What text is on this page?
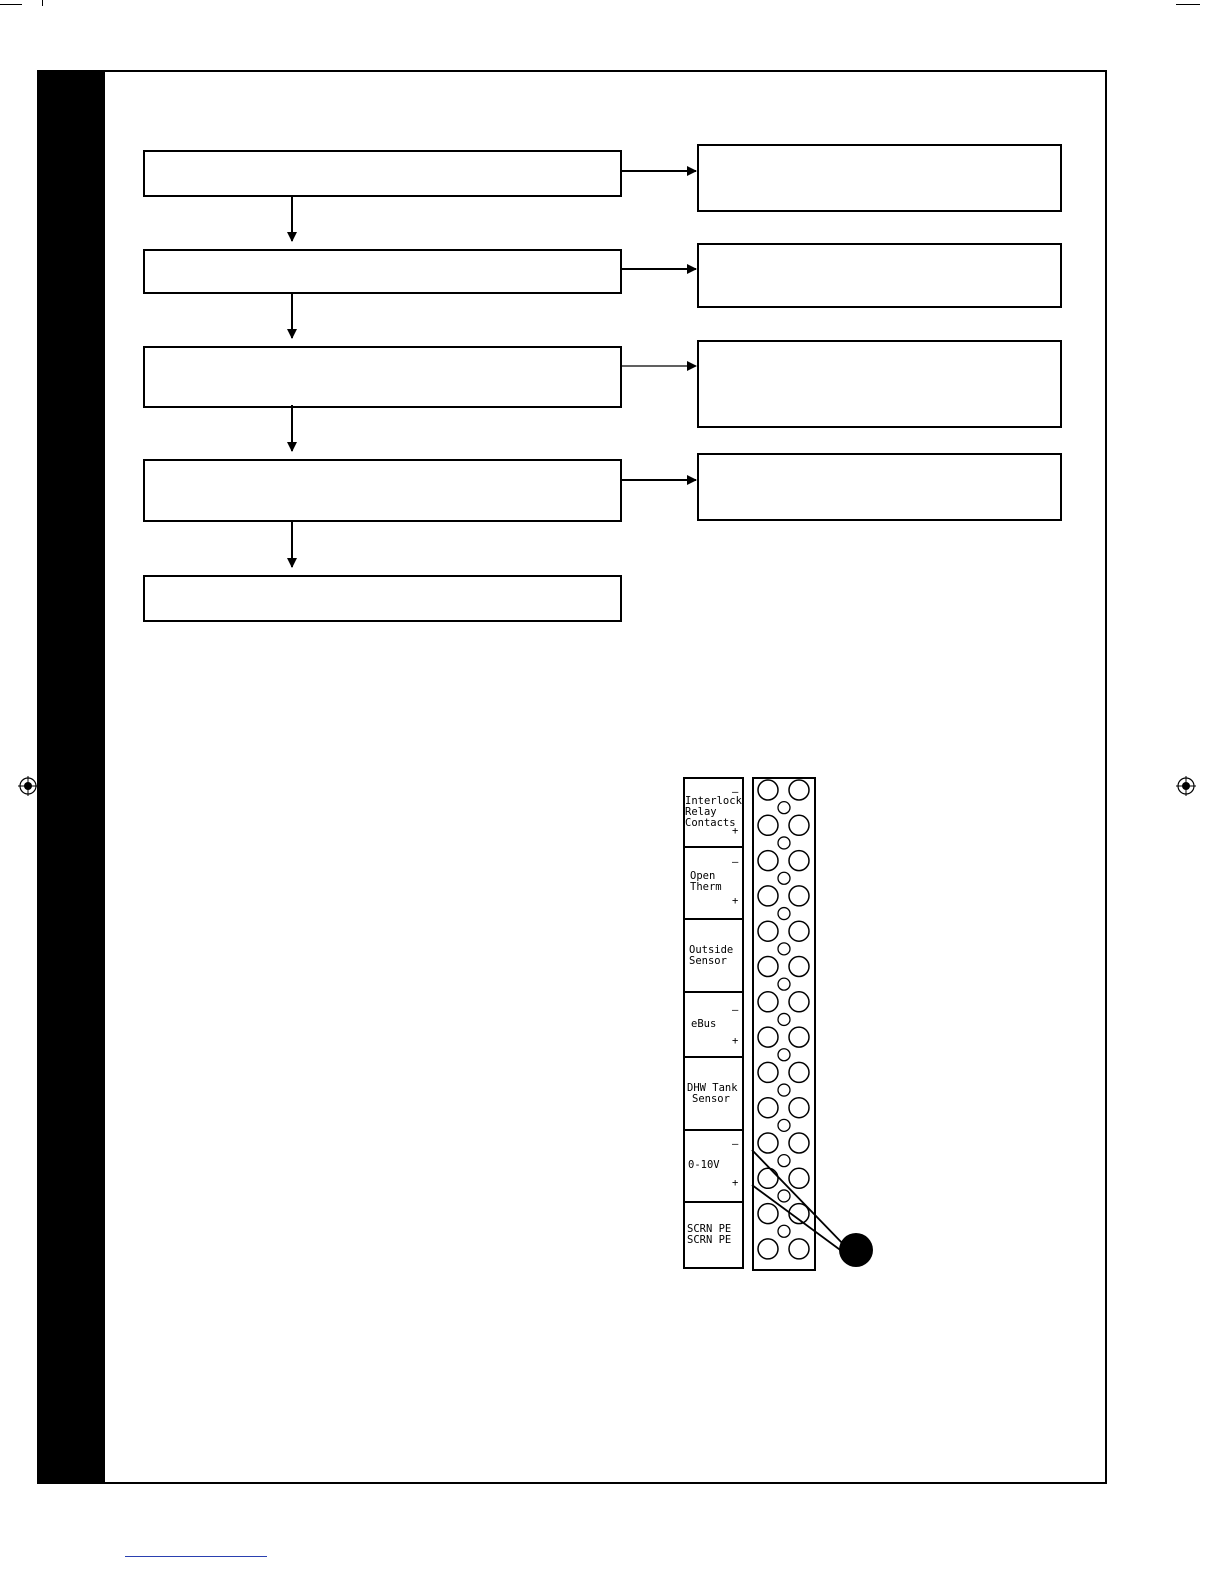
Interlock Relay Contacts
Open Therm
Outside Sensor
eBus
DHW Tank Sensor
0-10V
SCRN PE SCRN PE
–
+
–
+
–
+
–
+
